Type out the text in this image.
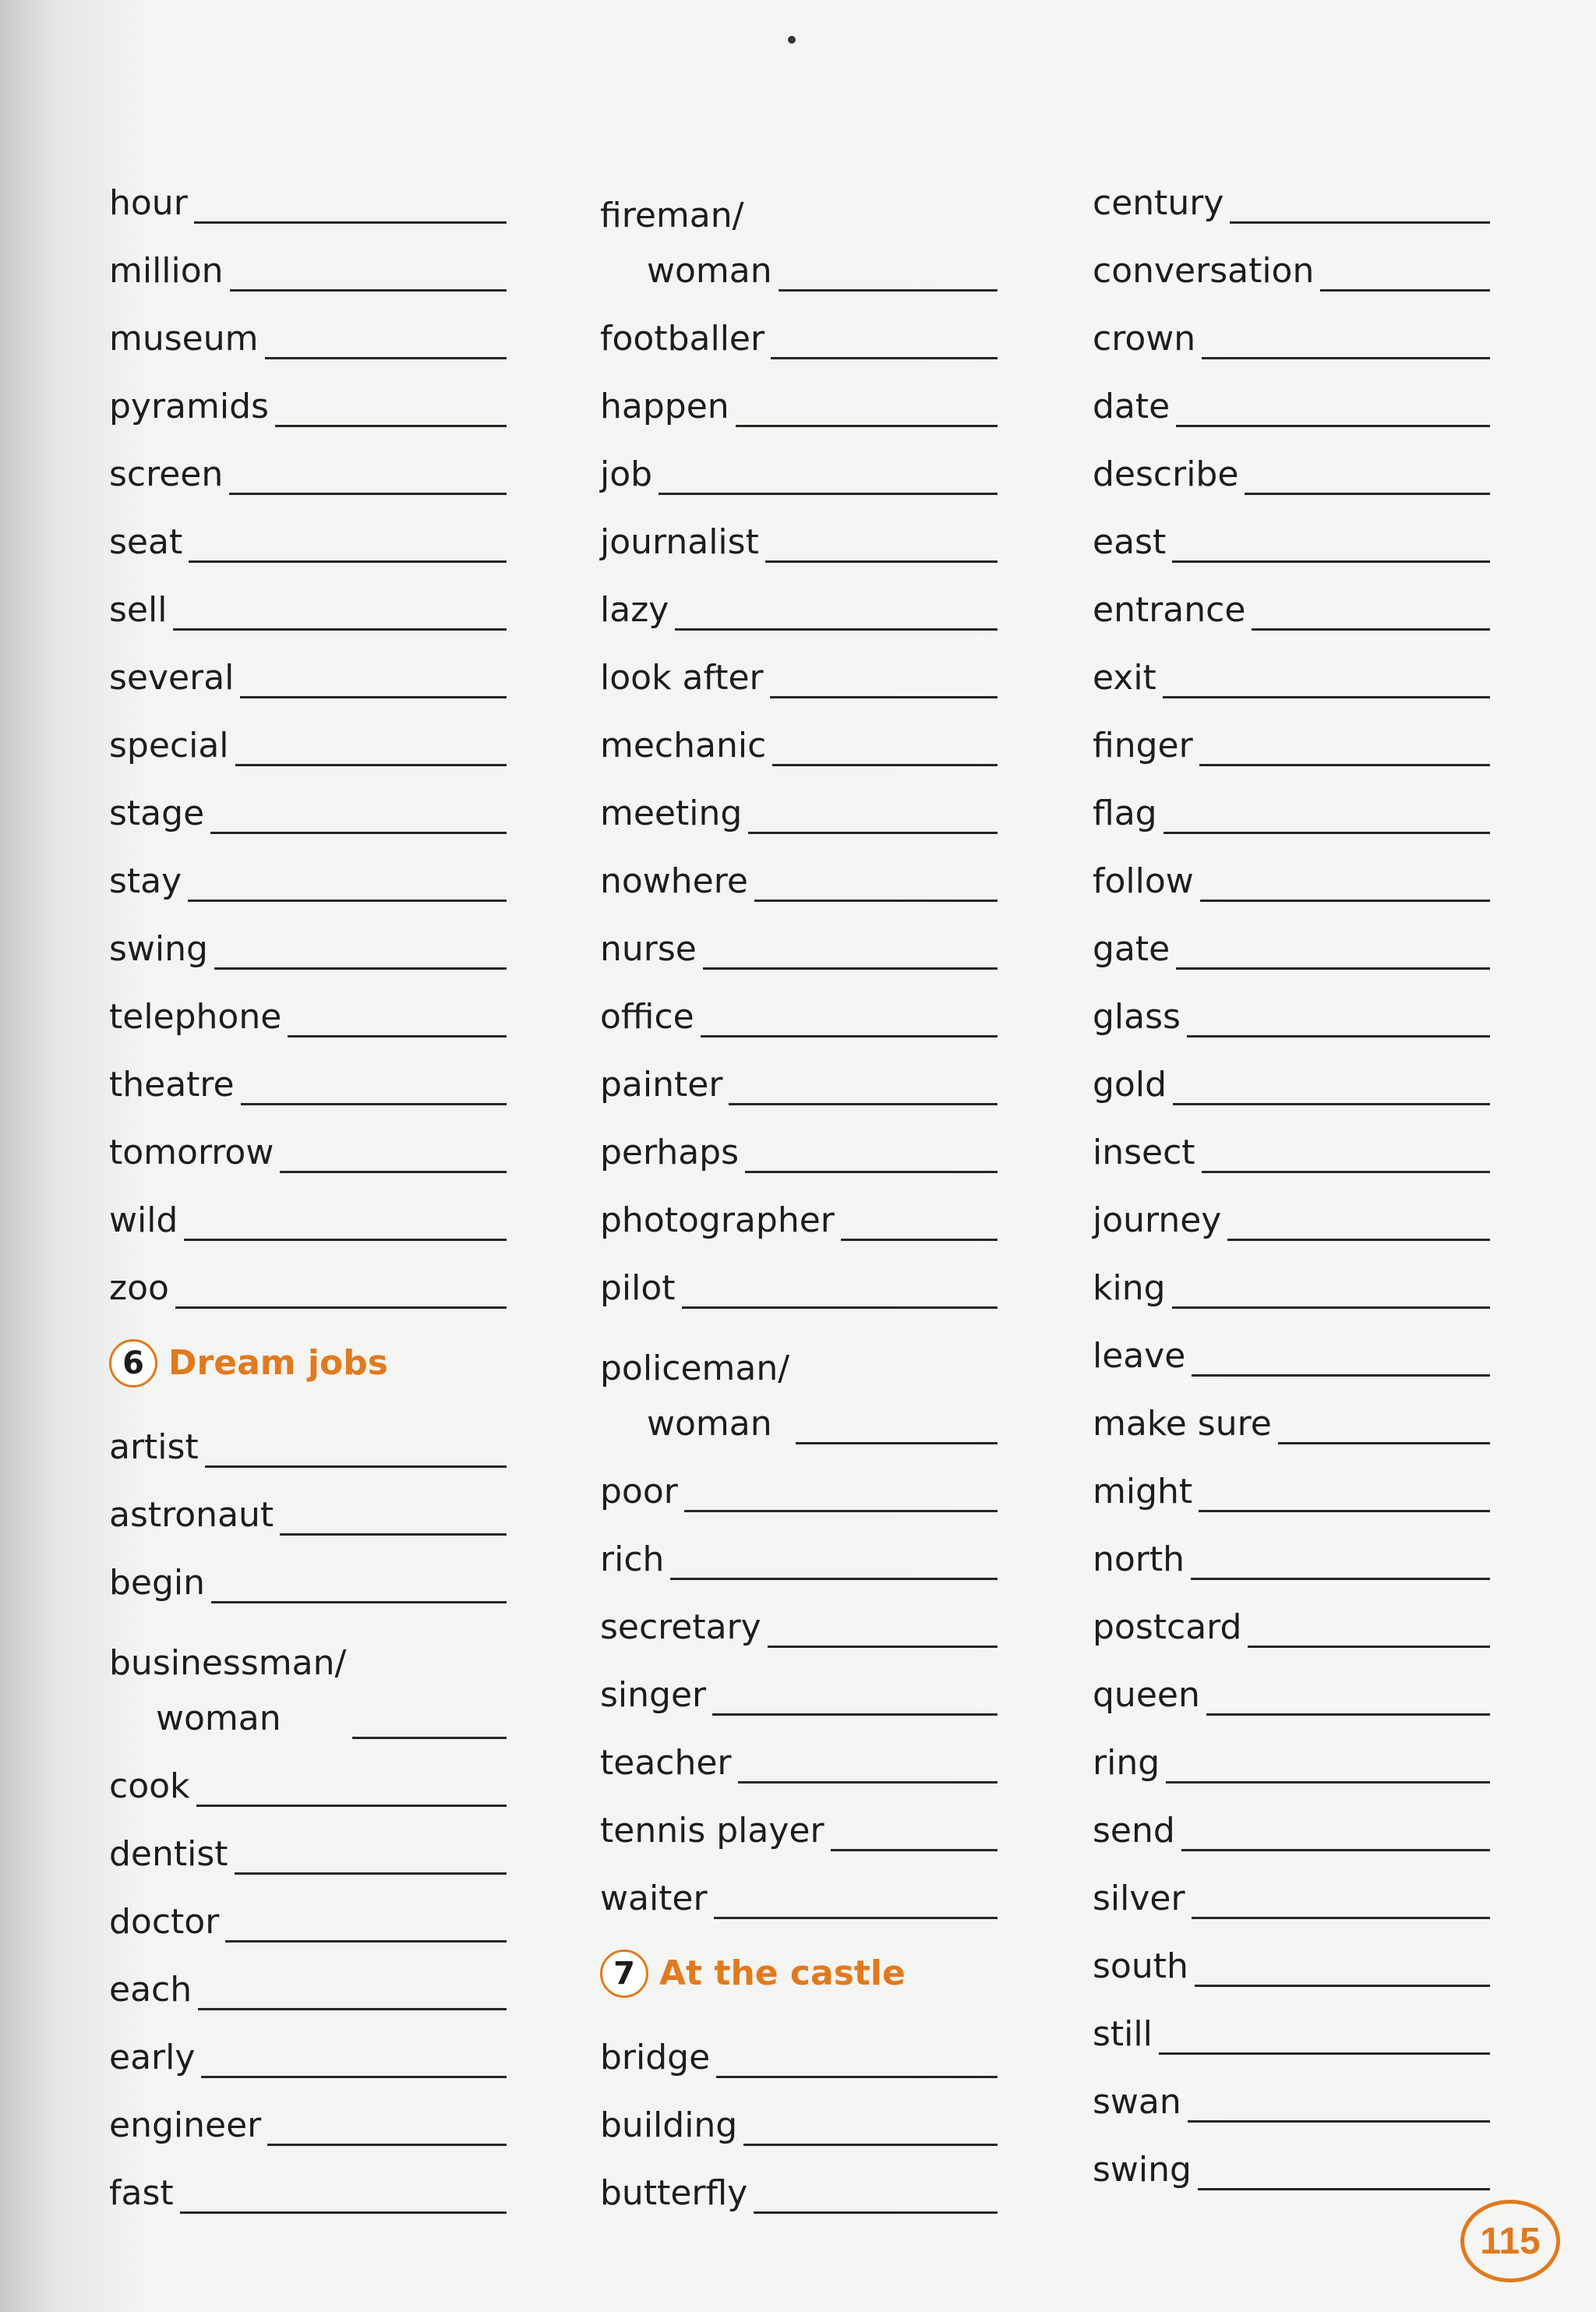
hour
million
museum
pyramids
screen
seat
sell
several
special
stage
stay
swing
telephone
theatre
tomorrow
wild
zoo
6 Dream jobs
artist
astronaut
begin
businessman/
woman
cook
dentist
doctor
each
early
engineer
fast
fireman/
woman
footballer
happen
job
journalist
lazy
look after
mechanic
meeting
nowhere
nurse
office
painter
perhaps
photographer
pilot
policeman/
woman
poor
rich
secretary
singer
teacher
tennis player
waiter
7 At the castle
bridge
building
butterfly
century
conversation
crown
date
describe
east
entrance
exit
finger
flag
follow
gate
glass
gold
insect
journey
king
leave
make sure
might
north
postcard
queen
ring
send
silver
south
still
swan
swing
115
